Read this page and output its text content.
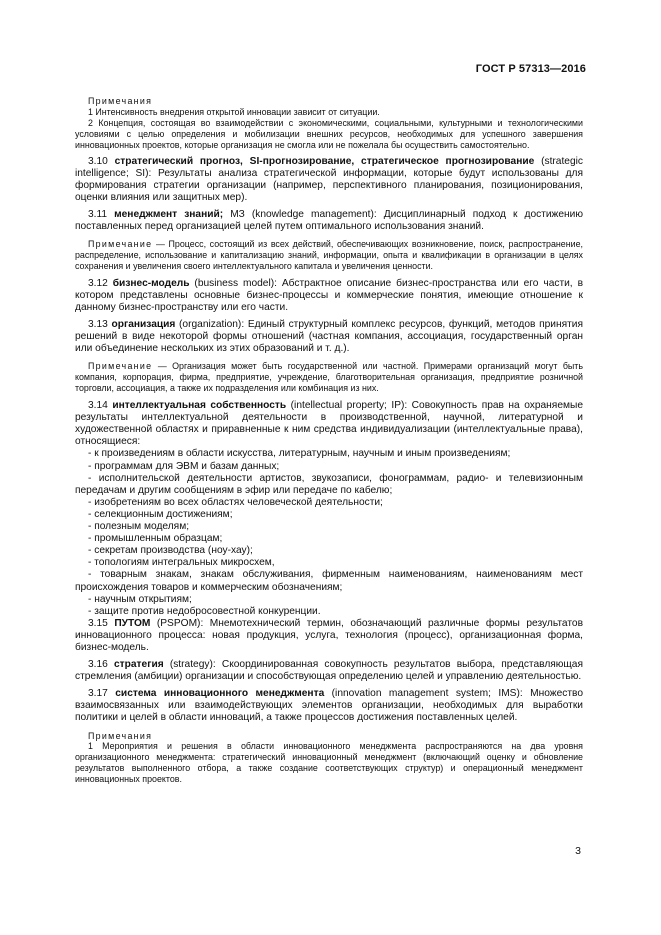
ГОСТ Р 57313—2016

Примечания

1 Интенсивность внедрения открытой инновации зависит от ситуации.

2 Концепция, состоящая во взаимодействии с экономическими, социальными, культурными и технологическими условиями с целью определения и мобилизации внешних ресурсов, необходимых для успешного завершения инновационных проектов, которые организация не смогла или не пожелала бы осуществить самостоятельно.

3.10 стратегический прогноз, SI-прогнозирование, стратегическое прогнозирование (strategic intelligence; SI): Результаты анализа стратегической информации, которые будут использованы для формирования стратегии организации (например, перспективного планирования, позиционирования, оценки влияния или защитных мер).

3.11 менеджмент знаний; МЗ (knowledge management): Дисциплинарный подход к достижению поставленных перед организацией целей путем оптимального использования знаний.

Примечание — Процесс, состоящий из всех действий, обеспечивающих возникновение, поиск, распространение, распределение, использование и капитализацию знаний, информации, опыта и квалификации в организации в целях сохранения и увеличения своего интеллектуального капитала и увеличения ценности.

3.12 бизнес-модель (business model): Абстрактное описание бизнес-пространства или его части, в котором представлены основные бизнес-процессы и коммерческие понятия, имеющие отношение к данному бизнес-пространству или его части.

3.13 организация (organization): Единый структурный комплекс ресурсов, функций, методов принятия решений в виде некоторой формы отношений (частная компания, ассоциация, государственный орган или объединение нескольких из этих образований и т. д.).

Примечание — Организация может быть государственной или частной. Примерами организаций могут быть компания, корпорация, фирма, предприятие, учреждение, благотворительная организация, предприятие розничной торговли, ассоциация, а также их подразделения или комбинация из них.

3.14 интеллектуальная собственность (intellectual property; IP): Совокупность прав на охраняемые результаты интеллектуальной деятельности в производственной, научной, литературной и художественной областях и приравненные к ним средства индивидуализации (интеллектуальные права), относящиеся:

- к произведениям в области искусства, литературным, научным и иным произведениям;

- программам для ЭВМ и базам данных;

- исполнительской деятельности артистов, звукозаписи, фонограммам, радио- и телевизионным передачам и другим сообщениям в эфир или передаче по кабелю;

- изобретениям во всех областях человеческой деятельности;

- селекционным достижениям;

- полезным моделям;

- промышленным образцам;

- секретам производства (ноу-хау);

- топологиям интегральных микросхем,

- товарным знакам, знакам обслуживания, фирменным наименованиям, наименованиям мест происхождения товаров и коммерческим обозначениям;

- научным открытиям;

- защите против недобросовестной конкуренции.

3.15 ПУТОМ (PSPOM): Мнемотехнический термин, обозначающий различные формы результатов инновационного процесса: новая продукция, услуга, технология (процесс), организационная форма, бизнес-модель.

3.16 стратегия (strategy): Скоординированная совокупность результатов выбора, представляющая стремления (амбиции) организации и способствующая определению целей и управлению деятельностью.

3.17 система инновационного менеджмента (innovation management system; IMS): Множество взаимосвязанных или взаимодействующих элементов организации, необходимых для выработки политики и целей в области инноваций, а также процессов достижения поставленных целей.

Примечания

1 Мероприятия и решения в области инновационного менеджмента распространяются на два уровня организационного менеджмента: стратегический инновационный менеджмент (включающий оценку и обновление результатов выполненного отбора, а также создание соответствующих структур) и операционный менеджмент инновационных проектов.

3
